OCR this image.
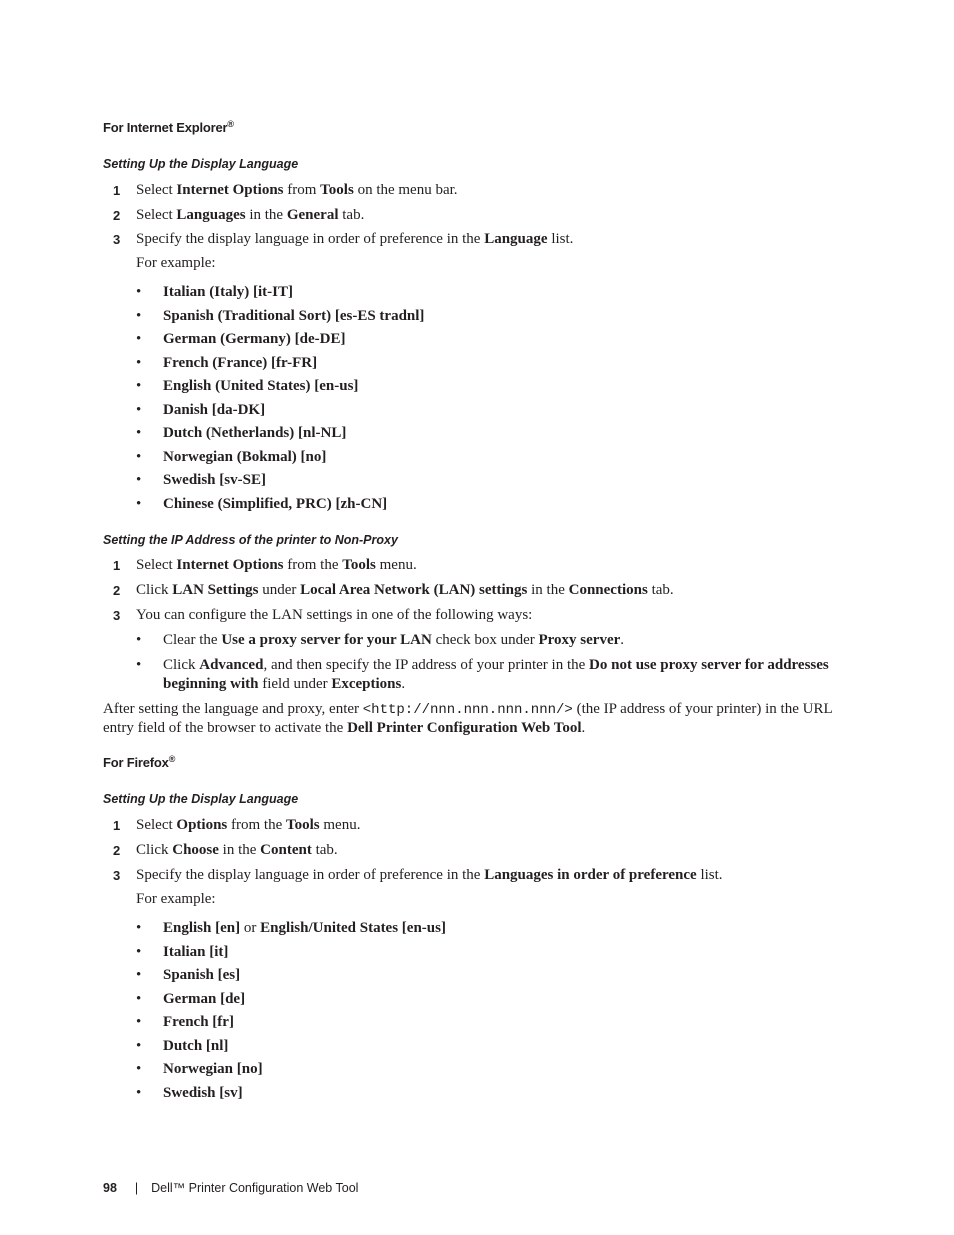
For Internet Explorer®
Setting Up the Display Language
1 Select Internet Options from Tools on the menu bar.
2 Select Languages in the General tab.
3 Specify the display language in order of preference in the Language list.
For example:
• Italian (Italy) [it-IT]
• Spanish (Traditional Sort) [es-ES tradnl]
• German (Germany) [de-DE]
• French (France) [fr-FR]
• English (United States) [en-us]
• Danish [da-DK]
• Dutch (Netherlands) [nl-NL]
• Norwegian (Bokmal) [no]
• Swedish [sv-SE]
• Chinese (Simplified, PRC) [zh-CN]
Setting the IP Address of the printer to Non-Proxy
1 Select Internet Options from the Tools menu.
2 Click LAN Settings under Local Area Network (LAN) settings in the Connections tab.
3 You can configure the LAN settings in one of the following ways:
• Clear the Use a proxy server for your LAN check box under Proxy server.
• Click Advanced, and then specify the IP address of your printer in the Do not use proxy server for addresses beginning with field under Exceptions.
After setting the language and proxy, enter <http://nnn.nnn.nnn.nnn/> (the IP address of your printer) in the URL entry field of the browser to activate the Dell Printer Configuration Web Tool.
For Firefox®
Setting Up the Display Language
1 Select Options from the Tools menu.
2 Click Choose in the Content tab.
3 Specify the display language in order of preference in the Languages in order of preference list.
For example:
• English [en] or English/United States [en-us]
• Italian [it]
• Spanish [es]
• German [de]
• French [fr]
• Dutch [nl]
• Norwegian [no]
• Swedish [sv]
98 | Dell™ Printer Configuration Web Tool
